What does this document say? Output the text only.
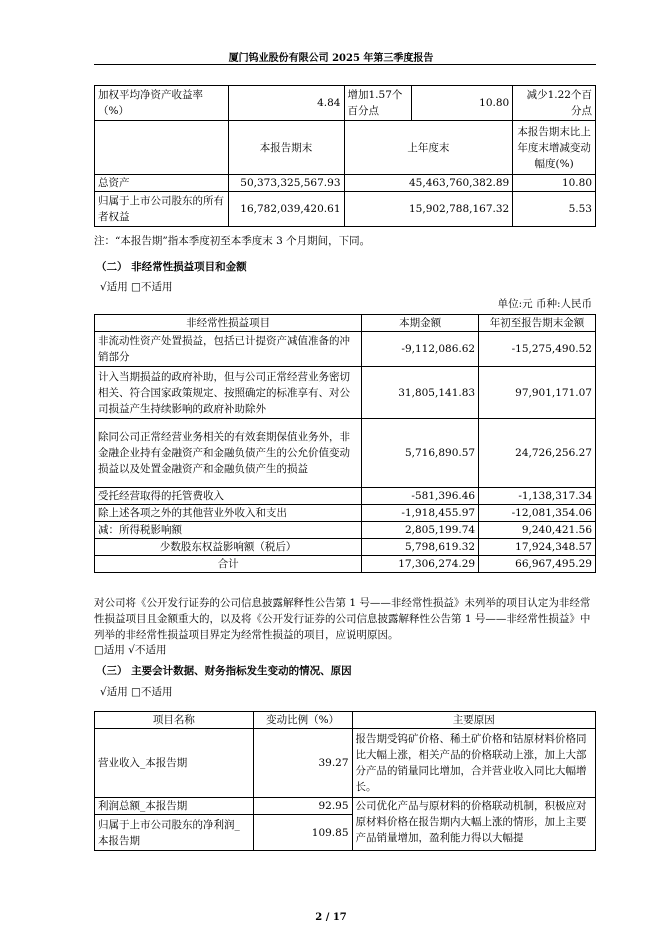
厦门钨业股份有限公司 2025 年第三季度报告
加权平均净资产收益率（%）	4.84	增加1.57个百分点	10.80	减少1.22个百分点
	本报告期末	上年度末		本报告期末比上年度末增减变动幅度(%)
总资产	50,373,325,567.93	45,463,760,382.89		10.80
归属于上市公司股东的所有者权益	16,782,039,420.61	15,902,788,167.32		5.53
注：“本报告期”指本季度初至本季度末 3 个月期间，下同。
（二） 非经常性损益项目和金额
√适用 □不适用
单位:元 币种:人民币
非经常性损益项目	本期金额	年初至报告期末金额
非流动性资产处置损益，包括已计提资产减值准备的冲销部分	-9,112,086.62	-15,275,490.52
计入当期损益的政府补助，但与公司正常经营业务密切相关、符合国家政策规定、按照确定的标准享有、对公司损益产生持续影响的政府补助除外	31,805,141.83	97,901,171.07
除同公司正常经营业务相关的有效套期保值业务外，非金融企业持有金融资产和金融负债产生的公允价值变动损益以及处置金融资产和金融负债产生的损益	5,716,890.57	24,726,256.27
受托经营取得的托管费收入	-581,396.46	-1,138,317.34
除上述各项之外的其他营业外收入和支出	-1,918,455.97	-12,081,354.06
减：所得税影响额	2,805,199.74	9,240,421.56
少数股东权益影响额（税后）	5,798,619.32	17,924,348.57
合计	17,306,274.29	66,967,495.29
对公司将《公开发行证券的公司信息披露解释性公告第 1 号——非经常性损益》未列举的项目认定为非经常性损益项目且金额重大的，以及将《公开发行证券的公司信息披露解释性公告第 1 号——非经常性损益》中列举的非经常性损益项目界定为经常性损益的项目，应说明原因。
□适用 √不适用
（三） 主要会计数据、财务指标发生变动的情况、原因
√适用 □不适用
项目名称	变动比例（%）	主要原因
营业收入_本报告期	39.27	报告期受钨矿价格、稀土矿价格和钴原材料价格同比大幅上涨，相关产品的价格联动上涨，加上大部分产品的销量同比增加，合并营业收入同比大幅增长。
利润总额_本报告期	92.95	公司优化产品与原材料的价格联动机制，积极应对原材料价格在报告期内大幅上涨的情形，加上主要产品销量增加，盈利能力得以大幅提
归属于上市公司股东的净利润_本报告期	109.85	
2 / 17
